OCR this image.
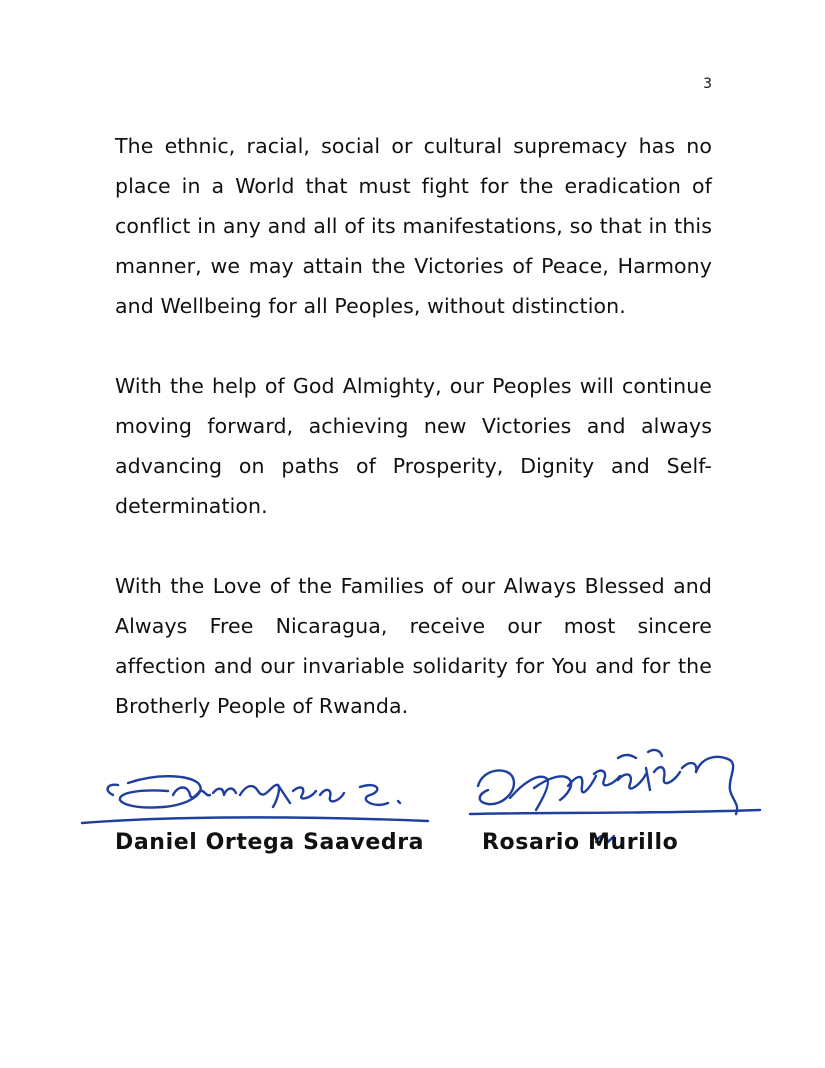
3

The ethnic, racial, social or cultural supremacy has no place in a World that must fight for the eradication of conflict in any and all of its manifestations, so that in this manner, we may attain the Victories of Peace, Harmony and Wellbeing for all Peoples, without distinction.

With the help of God Almighty, our Peoples will continue moving forward, achieving new Victories and always advancing on paths of Prosperity, Dignity and Self-determination.

With the Love of the Families of our Always Blessed and Always Free Nicaragua, receive our most sincere affection and our invariable solidarity for You and for the Brotherly People of Rwanda.

Daniel Ortega Saavedra	Rosario Murillo
